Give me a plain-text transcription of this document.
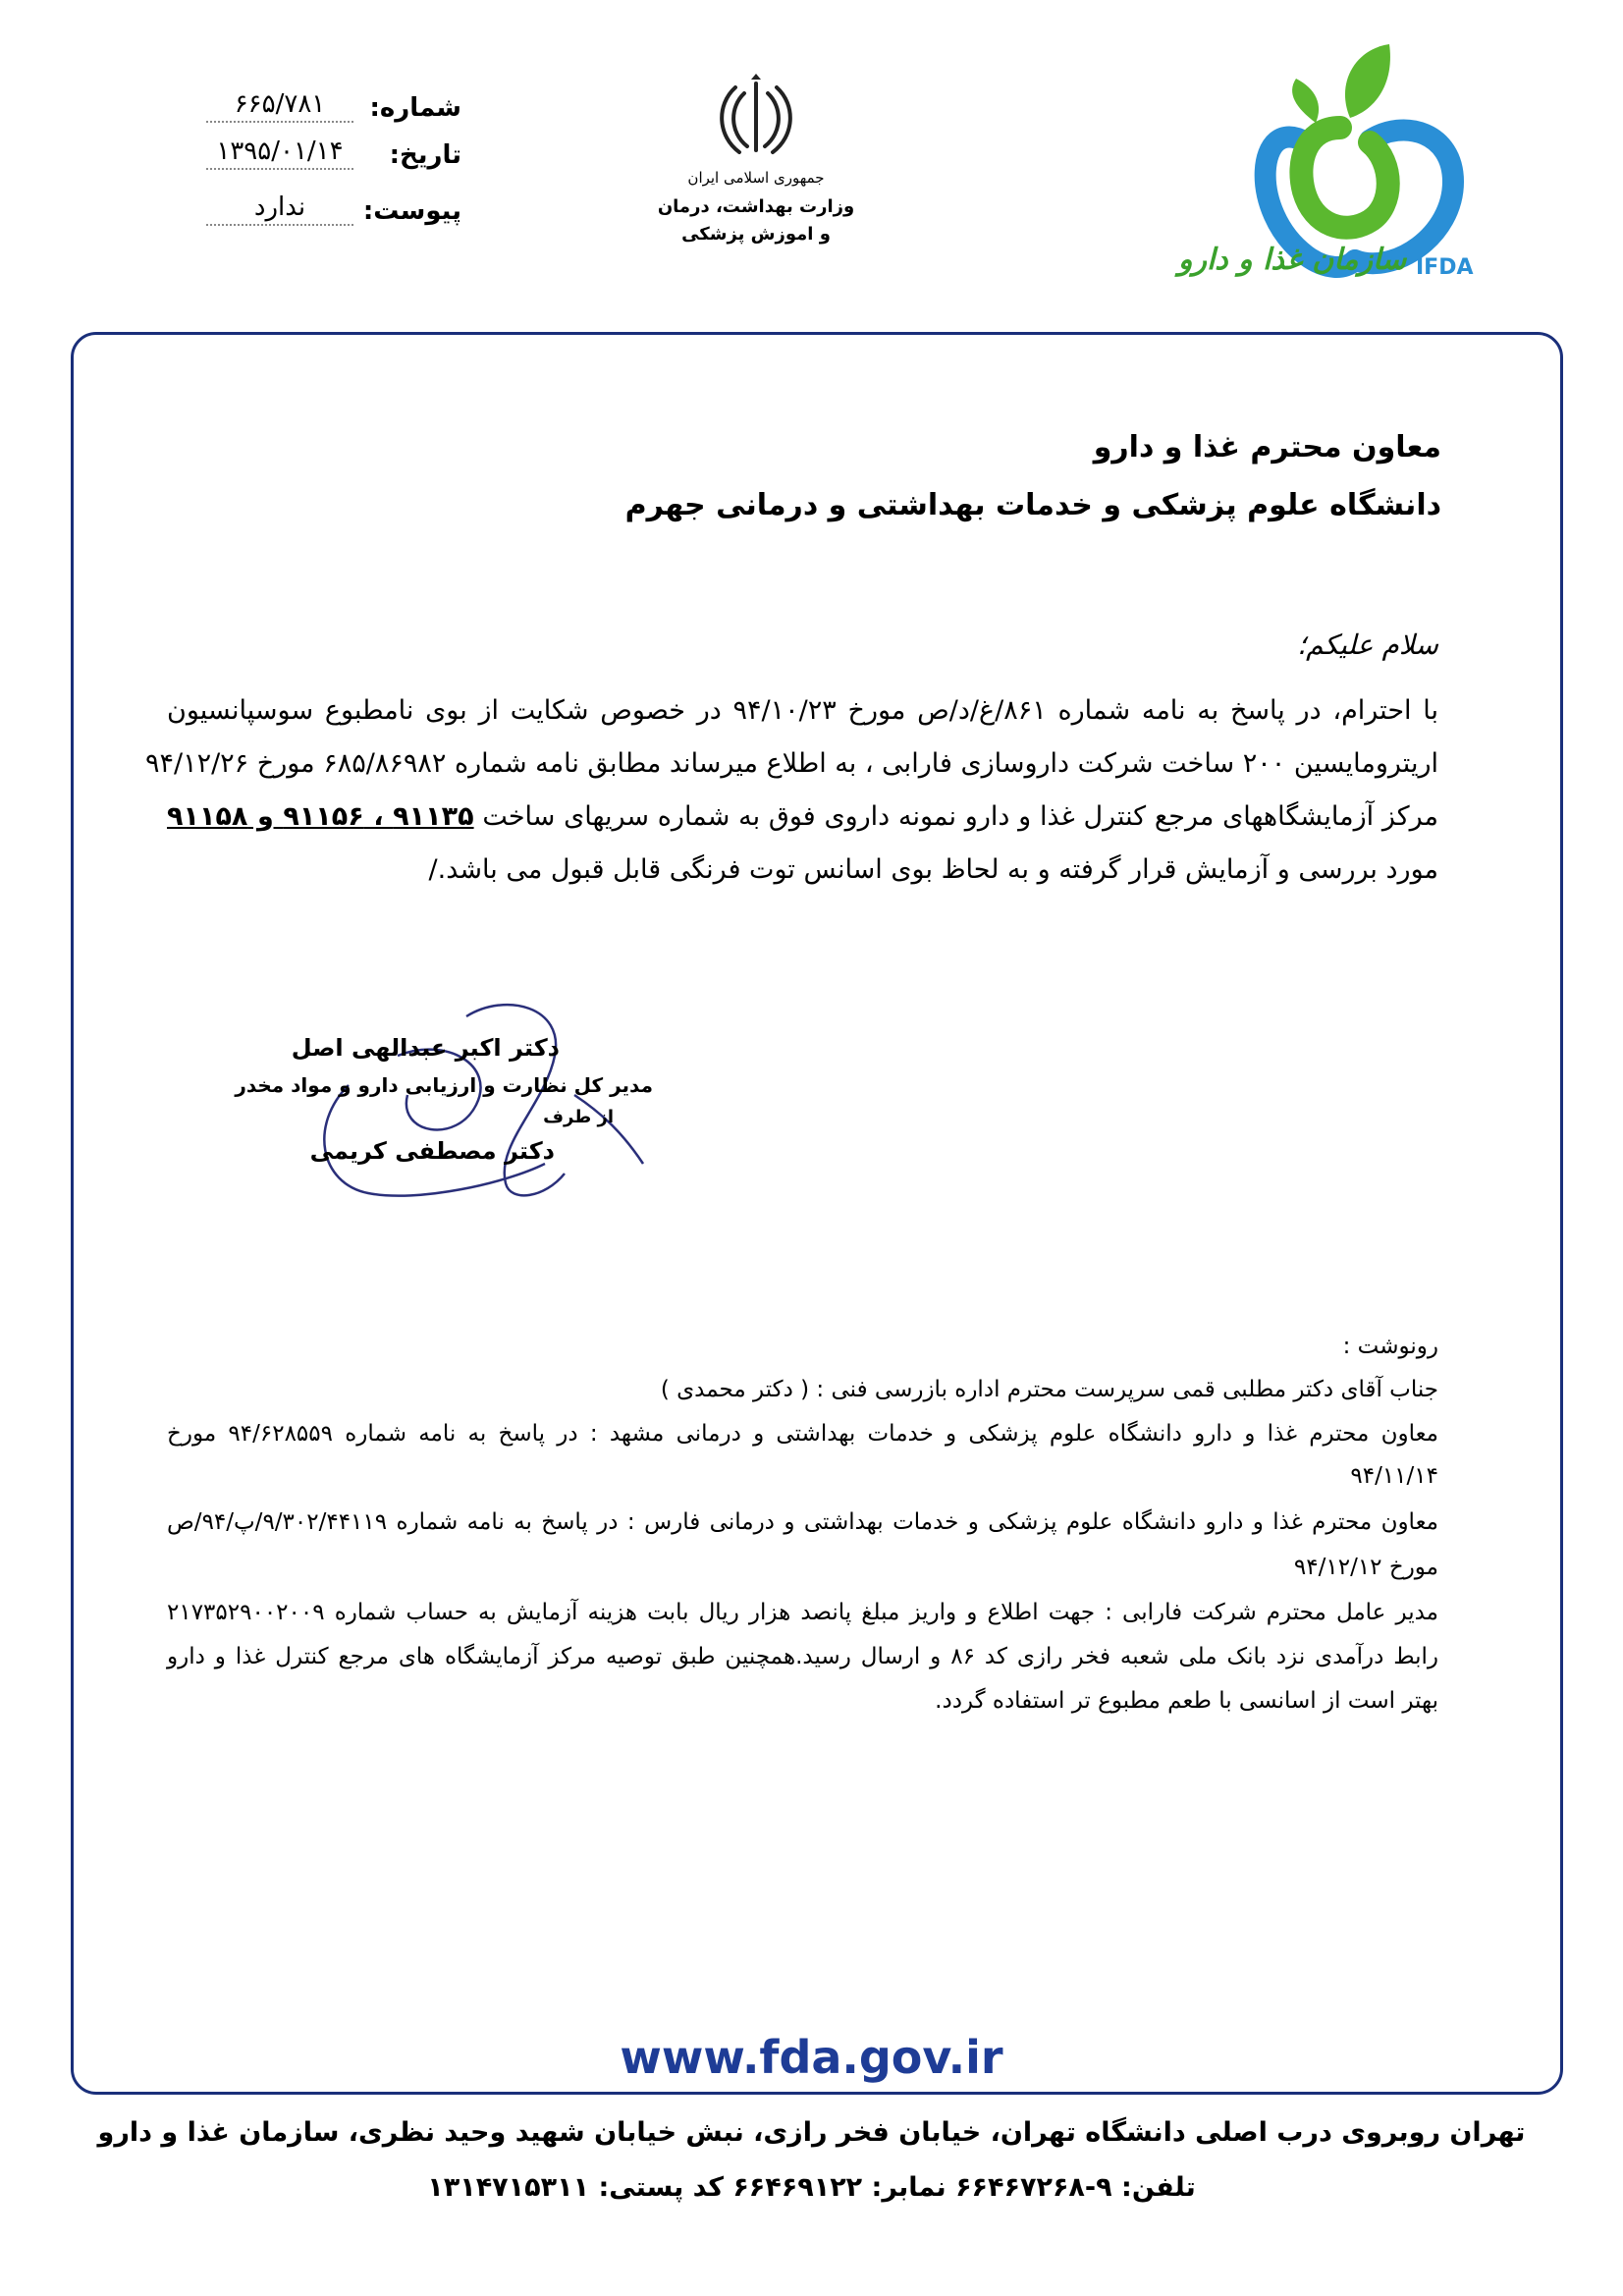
شماره:
۶۶۵/۷۸۱
تاریخ:
۱۳۹۵/۰۱/۱۴
پیوست:
ندارد
جمهوری اسلامی ایران
وزارت بهداشت، درمان
و اموزش پزشکی
سازمان غذا و دارو IFDA
معاون محترم غذا و دارو
دانشگاه علوم پزشکی و خدمات بهداشتی و درمانی جهرم
سلام علیکم؛
با احترام، در پاسخ به نامه شماره ۸۶۱/غ/د/ص مورخ ۹۴/۱۰/۲۳ در خصوص شکایت از بوی نامطبوع سوسپانسیون
اریترومایسین ۲۰۰ ساخت شرکت داروسازی فارابی ، به اطلاع میرساند مطابق نامه شماره ۶۸۵/۸۶۹۸۲ مورخ ۹۴/۱۲/۲۶
مرکز آزمایشگاههای مرجع کنترل غذا و دارو نمونه داروی فوق به شماره سریهای ساخت ۹۱۱۳۵ ، ۹۱۱۵۶ و ۹۱۱۵۸
مورد بررسی و آزمایش قرار گرفته و به لحاظ بوی اسانس توت فرنگی قابل قبول می باشد./
دکتر اکبر عبدالهی اصل
مدیر کل نظارت و ارزیابی دارو و مواد مخدر
از طرف
دکتر مصطفی کریمی
رونوشت :
جناب آقای دکتر مطلبی قمی سرپرست محترم اداره بازرسی فنی : ( دکتر محمدی )
معاون محترم غذا و دارو دانشگاه علوم پزشکی و خدمات بهداشتی و درمانی مشهد : در پاسخ به نامه شماره ۹۴/۶۲۸۵۵۹ مورخ
۹۴/۱۱/۱۴
معاون محترم غذا و دارو دانشگاه علوم پزشکی و خدمات بهداشتی و درمانی فارس : در پاسخ به نامه شماره ۹/۳۰۲/۴۴۱۱۹/پ/۹۴/ص
مورخ ۹۴/۱۲/۱۲
مدیر عامل محترم شرکت فارابی : جهت اطلاع و واریز مبلغ پانصد هزار ریال بابت هزینه آزمایش به حساب شماره ۲۱۷۳۵۲۹۰۰۲۰۰۹
رابط درآمدی نزد بانک ملی شعبه فخر رازی کد ۸۶ و ارسال رسید.همچنین طبق توصیه مرکز آزمایشگاه های مرجع کنترل غذا و دارو
بهتر است از اسانسی با طعم مطبوع تر استفاده گردد.
www.fda.gov.ir
تهران روبروی درب اصلی دانشگاه تهران، خیابان فخر رازی، نبش خیابان شهید وحید نظری، سازمان غذا و دارو
تلفن: ۹-۶۶۴۶۷۲۶۸ نمابر: ۶۶۴۶۹۱۲۲ کد پستی: ۱۳۱۴۷۱۵۳۱۱
